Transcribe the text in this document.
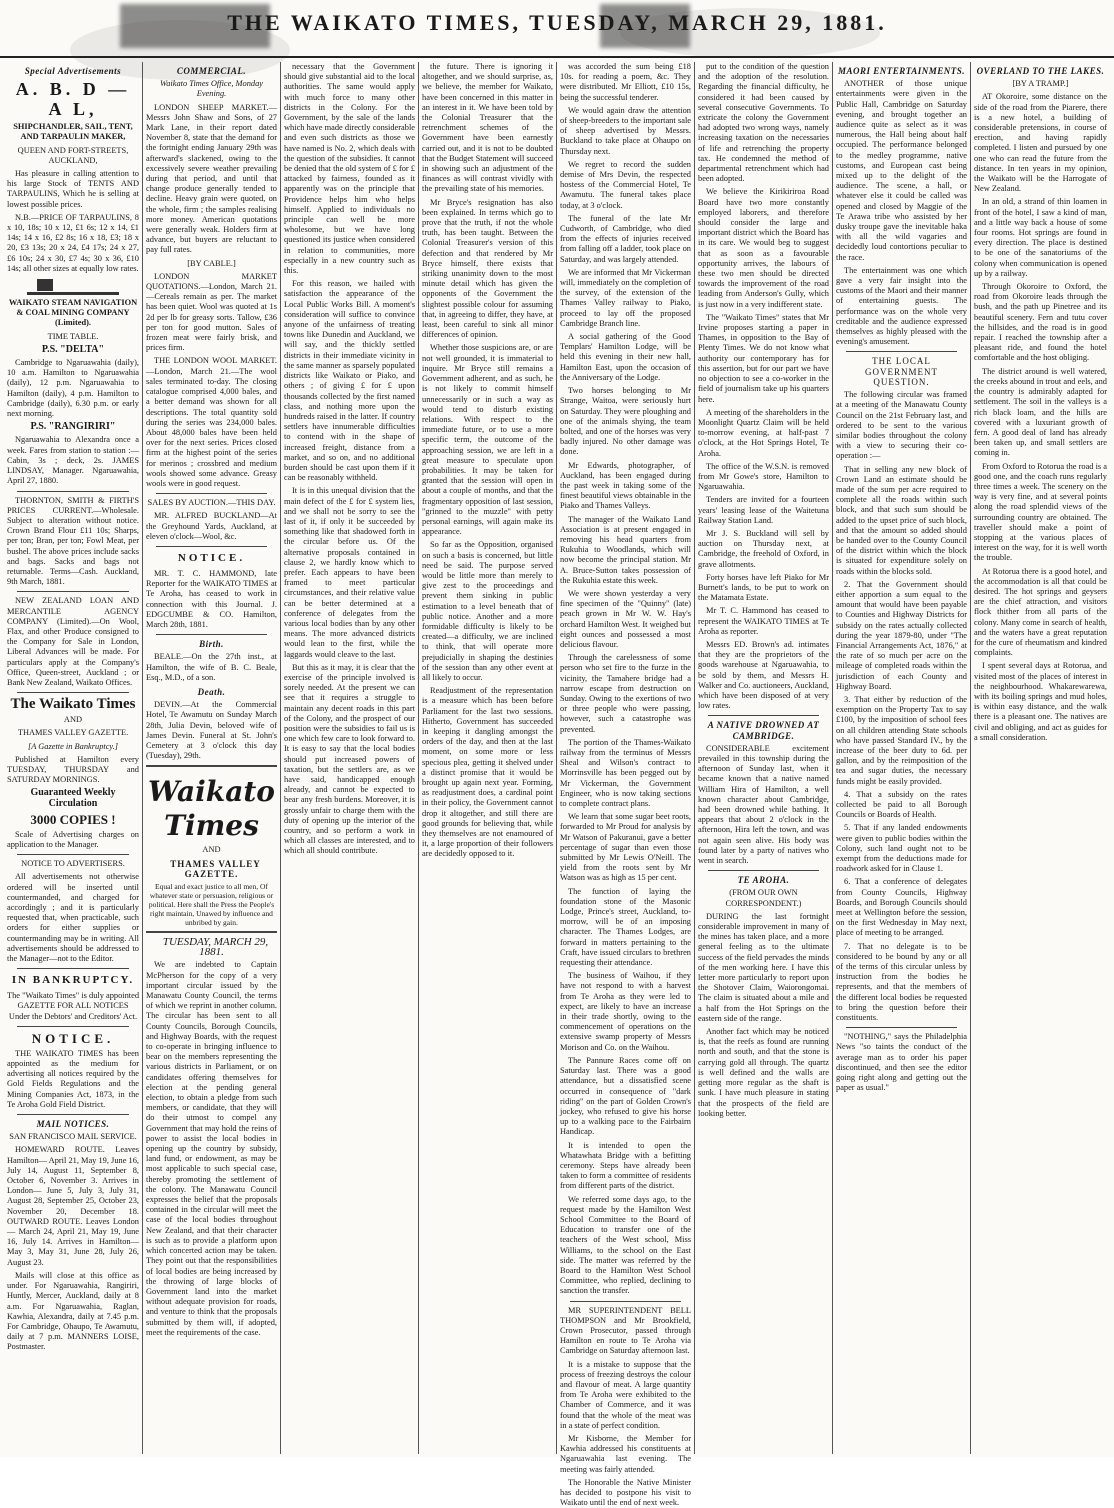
THE WAIKATO TIMES, TUESDAY, MARCH 29, 1881.

Special Advertisements

A. B. D — A L,

SHIPCHANDLER, SAIL, TENT, AND TARPAULIN MAKER,

QUEEN AND FORT-STREETS, AUCKLAND,

Has pleasure in calling attention to his large Stock of TENTS AND TARPAULINS, Which he is selling at lowest possible prices.

N.B.—PRICE OF TARPAULINS, 8 x 10, 18s; 10 x 12, £1 6s; 12 x 14, £1 14s; 14 x 16, £2 8s; 16 x 18, £3; 18 x 20, £3 13s; 20 x 24, £4 17s; 24 x 27, £6 10s; 24 x 30, £7 4s; 30 x 36, £10 14s; all other sizes at equally low rates.

WAIKATO STEAM NAVIGATION & COAL MINING COMPANY (Limited).

TIME TABLE.

P.S. "DELTA"

Cambridge to Ngaruawahia (daily), 10 a.m. Hamilton to Ngaruawahia (daily), 12 p.m. Ngaruawahia to Hamilton (daily), 4 p.m. Hamilton to Cambridge (daily), 6.30 p.m. or early next morning.

P.S. "RANGIRIRI"

Ngaruawahia to Alexandra once a week. Fares from station to station :—Cabin, 3s ; deck, 2s. JAMES LINDSAY, Manager. Ngaruawahia, April 27, 1880.

THORNTON, SMITH & FIRTH'S PRICES CURRENT.—Wholesale. Subject to alteration without notice. Crown Brand Flour £11 10s; Sharps, per ton; Bran, per ton; Fowl Meat, per bushel. The above prices include sacks and bags. Sacks and bags not returnable. Terms—Cash. Auckland, 9th March, 1881.

NEW ZEALAND LOAN AND MERCANTILE AGENCY COMPANY (Limited).—On Wool, Flax, and other Produce consigned to the Company for Sale in London, Liberal Advances will be made. For particulars apply at the Company's Office, Queen-street, Auckland ; or Bank New Zealand, Waikato Offices.

The Waikato Times

AND

THAMES VALLEY GAZETTE.

[A Gazette in Bankruptcy.]

Published at Hamilton every TUESDAY, THURSDAY and SATURDAY MORNINGS.

Guaranteed Weekly Circulation

3000 COPIES !

Scale of Advertising charges on application to the Manager.

NOTICE TO ADVERTISERS.

All advertisements not otherwise ordered will be inserted until countermanded, and charged for accordingly ; and it is particularly requested that, when practicable, such orders for either supplies or countermanding may be in writing. All advertisements should be addressed to the Manager—not to the Editor.

IN BANKRUPTCY.

The "Waikato Times" is duly appointed GAZETTE FOR ALL NOTICES Under the Debtors' and Creditors' Act.

NOTICE.

THE WAIKATO TIMES has been appointed as the medium for advertising all notices required by the Gold Fields Regulations and the Mining Companies Act, 1873, in the Te Aroha Gold Field District.

MAIL NOTICES.

SAN FRANCISCO MAIL SERVICE.

HOMEWARD ROUTE. Leaves Hamilton— April 21, May 19, June 16, July 14, August 11, September 8, October 6, November 3. Arrives in London— June 5, July 3, July 31, August 28, September 25, October 23, November 20, December 18. OUTWARD ROUTE. Leaves London— March 24, April 21, May 19, June 16, July 14. Arrives in Hamilton— May 3, May 31, June 28, July 26, August 23.

Mails will close at this office as under. For Ngaruawahia, Rangiriri, Huntly, Mercer, Auckland, daily at 8 a.m. For Ngaruawahia, Raglan, Kawhia, Alexandra, daily at 7.45 p.m. For Cambridge, Ohaupo, Te Awamutu, daily at 7 p.m. MANNERS LOISE, Postmaster.

COMMERCIAL.

Waikato Times Office, Monday Evening.

LONDON SHEEP MARKET.—Messrs John Shaw and Sons, of 27 Mark Lane, in their report dated November 8, state that the demand for the fortnight ending January 29th was afterward's slackened, owing to the excessively severe weather prevailing during that period, and until that change produce generally tended to decline. Heavy grain were quoted, on the whole, firm ; the samples realising more money. American quotations were generally weak. Holders firm at advance, but buyers are reluctant to pay full rates.

[BY CABLE.]

LONDON MARKET QUOTATIONS.—London, March 21.—Cereals remain as per. The market has been quiet. Wool was quoted at 1s 2d per lb for greasy sorts. Tallow, £36 per ton for good mutton. Sales of frozen meat were fairly brisk, and prices firm.

THE LONDON WOOL MARKET.—London, March 21.—The wool sales terminated to-day. The closing catalogue comprised 4,000 bales, and a better demand was shown for all descriptions. The total quantity sold during the series was 234,000 bales. About 48,000 bales have been held over for the next series. Prices closed firm at the highest point of the series for merinos ; crossbred and medium wools showed some advance. Greasy wools were in good request.

SALES BY AUCTION.—THIS DAY.

MR. ALFRED BUCKLAND—At the Greyhound Yards, Auckland, at eleven o'clock—Wool, &c.

NOTICE.

MR. T. C. HAMMOND, late Reporter for the WAIKATO TIMES at Te Aroha, has ceased to work in connection with this Journal. J. EDGCUMBE & CO. Hamilton, March 28th, 1881.

Birth.

BEALE.—On the 27th inst., at Hamilton, the wife of B. C. Beale, Esq., M.D., of a son.

Death.

DEVIN.—At the Commercial Hotel, Te Awamutu on Sunday March 28th, Julia Devin, beloved wife of James Devin. Funeral at St. John's Cemetery at 3 o'clock this day (Tuesday), 29th.

Waikato Times

AND

THAMES VALLEY GAZETTE.

Equal and exact justice to all men, Of whatever state or persuasion, religious or political. Here shall the Press the People's right maintain, Unawed by influence and unbribed by gain.

TUESDAY, MARCH 29, 1881.

We are indebted to Captain McPherson for the copy of a very important circular issued by the Manawatu County Council, the terms of which we reprint in another column. The circular has been sent to all County Councils, Borough Councils, and Highway Boards, with the request to co-operate in bringing influence to bear on the members representing the various districts in Parliament, or on candidates offering themselves for election at the pending general election, to obtain a pledge from such members, or candidate, that they will do their utmost to compel any Government that may hold the reins of power to assist the local bodies in opening up the country by subsidy, land fund, or endowment, as may be most applicable to such special case, thereby promoting the settlement of the colony. The Manawatu Council expresses the belief that the proposals contained in the circular will meet the case of the local bodies throughout New Zealand, and that their character is such as to provide a platform upon which concerted action may be taken. They point out that the responsibilities of local bodies are being increased by the throwing of large blocks of Government land into the market without adequate provision for roads, and venture to think that the proposals submitted by them will, if adopted, meet the requirements of the case.

necessary that the Government should give substantial aid to the local authorities. The same would apply with much force to many other districts in the Colony. For the Government, by the sale of the lands which have made directly considerable and even such districts as those we have named is No. 2, which deals with the question of the subsidies. It cannot be denied that the old system of £ for £ attacked by fairness, founded as it apparently was on the principle that Providence helps him who helps himself. Applied to individuals no principle can well be more wholesome, but we have long questioned its justice when considered in relation to communities, more especially in a new country such as this.

For this reason, we hailed with satisfaction the appearance of the Local Public Works Bill. A moment's consideration will suffice to convince anyone of the unfairness of treating towns like Dunedin and Auckland, we will say, and the thickly settled districts in their immediate vicinity in the same manner as sparsely populated districts like Waikato or Piako, and others ; of giving £ for £ upon thousands collected by the first named class, and nothing more upon the hundreds raised in the latter. If country settlers have innumerable difficulties to contend with in the shape of increased freight, distance from a market, and so on, and no additional burden should be cast upon them if it can be reasonably withheld.

It is in this unequal division that the main defect of the £ for £ system lies, and we shall not be sorry to see the last of it, if only it be succeeded by something like that shadowed forth in the circular before us. Of the alternative proposals contained in clause 2, we hardly know which to prefer. Each appears to have been framed to meet particular circumstances, and their relative value can be better determined at a conference of delegates from the various local bodies than by any other means. The more advanced districts would lean to the first, while the laggards would cleave to the last.

But this as it may, it is clear that the exercise of the principle involved is sorely needed. At the present we can see that it requires a struggle to maintain any decent roads in this part of the Colony, and the prospect of our position were the subsidies to fail us is one which few care to look forward to. It is easy to say that the local bodies should put increased powers of taxation, but the settlers are, as we have said, handicapped enough already, and cannot be expected to bear any fresh burdens. Moreover, it is grossly unfair to charge them with the duty of opening up the interior of the country, and so perform a work in which all classes are interested, and to which all should contribute.

the future. There is ignoring it altogether, and we should surprise, as, we believe, the member for Waikato, have been concerned in this matter in an interest in it. We have been told by the Colonial Treasurer that the retrenchment schemes of the Government have been earnestly carried out, and it is not to be doubted that the Budget Statement will succeed in showing such an adjustment of the finances as will contrast vividly with the prevailing state of his memories.

Mr Bryce's resignation has also been explained. In terms which go to prove that the truth, if not the whole truth, has been taught. Between the Colonial Treasurer's version of this defection and that rendered by Mr Bryce himself, there exists that striking unanimity down to the most minute detail which has given the opponents of the Government the slightest possible colour for assuming that, in agreeing to differ, they have, at least, been careful to sink all minor differences of opinion.

Whether those suspicions are, or are not well grounded, it is immaterial to inquire. Mr Bryce still remains a Government adherent, and as such, he is not likely to commit himself unnecessarily or in such a way as would tend to disturb existing relations. With respect to the immediate future, or to use a more specific term, the outcome of the approaching session, we are left in a great measure to speculate upon probabilities. It may be taken for granted that the session will open in about a couple of months, and that the fragmentary opposition of last session, "grinned to the muzzle" with petty personal earnings, will again make its appearance.

So far as the Opposition, organised on such a basis is concerned, but little need be said. The purpose served would be little more than merely to give zest to the proceedings and prevent them sinking in public estimation to a level beneath that of public notice. Another and a more formidable difficulty is likely to be created—a difficulty, we are inclined to think, that will operate more prejudicially in shaping the destinies of the session than any other event at all likely to occur.

Readjustment of the representation is a measure which has been before Parliament for the last two sessions. Hitherto, Government has succeeded in keeping it dangling amongst the orders of the day, and then at the last moment, on some more or less specious plea, getting it shelved under a distinct promise that it would be brought up again next year. Forming, as readjustment does, a cardinal point in their policy, the Government cannot drop it altogether, and still there are good grounds for believing that, while they themselves are not enamoured of it, a large proportion of their followers are decidedly opposed to it.

was accorded the sum being £18 10s. for reading a poem, &c. They were distributed. Mr Elliott, £10 15s, being the successful tenderer.

We would again draw the attention of sheep-breeders to the important sale of sheep advertised by Messrs. Buckland to take place at Ohaupo on Thursday next.

We regret to record the sudden demise of Mrs Devin, the respected hostess of the Commercial Hotel, Te Awamutu. The funeral takes place today, at 3 o'clock.

The funeral of the late Mr Cudworth, of Cambridge, who died from the effects of injuries received from falling off a ladder, took place on Saturday, and was largely attended.

We are informed that Mr Vickerman will, immediately on the completion of the survey, of the extension of the Thames Valley railway to Piako, proceed to lay off the proposed Cambridge Branch line.

A social gathering of the Good Templars' Hamilton Lodge, will be held this evening in their new hall, Hamilton East, upon the occasion of the Anniversary of the Lodge.

Two horses belonging to Mr Strange, Waitoa, were seriously hurt on Saturday. They were ploughing and one of the animals shying, the team bolted, and one of the horses was very badly injured. No other damage was done.

Mr Edwards, photographer, of Auckland, has been engaged during the past week in taking some of the finest beautiful views obtainable in the Piako and Thames Valleys.

The manager of the Waikato Land Association is at present engaged in removing his head quarters from Rukuhia to Woodlands, which will now become the principal station. Mr A. Bruce-Sutton takes possession of the Rukuhia estate this week.

We were shown yesterday a very fine specimen of the "Quinny" (late) peach grown in Mr W. W. Hay's orchard Hamilton West. It weighed but eight ounces and possessed a most delicious flavour.

Through the carelessness of some person who set fire to the furze in the vicinity, the Tamahere bridge had a narrow escape from destruction on Sunday. Owing to the exertions of two or three people who were passing, however, such a catastrophe was prevented.

The portion of the Thames-Waikato railway from the terminus of Messrs Sheal and Wilson's contract to Morrinsville has been pegged out by Mr Vickerman, the Government Engineer, who is now taking sections to complete contract plans.

We learn that some sugar beet roots, forwarded to Mr Proud for analysis by Mr Watson of Pakuranui, gave a better percentage of sugar than even those submitted by Mr Lewis O'Neill. The yield from the roots sent by Mr Watson was as high as 15 per cent.

The function of laying the foundation stone of the Masonic Lodge, Prince's street, Auckland, to-morrow, will be of an imposing character. The Thames Lodges, are forward in matters pertaining to the Craft, have issued circulars to brethren requesting their attendance.

The business of Waihou, if they have not respond to with a harvest from Te Aroha as they were led to expect, are likely to have an increase in their trade shortly, owing to the commencement of operations on the extensive swamp property of Messrs Morison and Co. on the Waihou.

The Pannure Races come off on Saturday last. There was a good attendance, but a dissatisfied scene occurred in consequence of "dark riding" on the part of Golden Crown's jockey, who refused to give his horse up to a walking pace to the Fairbairn Handicap.

It is intended to open the Whatawhata Bridge with a befitting ceremony. Steps have already been taken to form a committee of residents from different parts of the district.

We referred some days ago, to the request made by the Hamilton West School Committee to the Board of Education to transfer one of the teachers of the West school, Miss Williams, to the school on the East side. The matter was referred by the Board to the Hamilton West School Committee, who replied, declining to sanction the transfer.

MR SUPERINTENDENT BELL THOMPSON and Mr Brookfield, Crown Prosecutor, passed through Hamilton en route to Te Aroha via Cambridge on Saturday afternoon last.

It is a mistake to suppose that the process of freezing destroys the colour and flavour of meat. A large quantity from Te Aroha were exhibited to the Chamber of Commerce, and it was found that the whole of the meat was in a state of perfect condition.

Mr Kisborne, the Member for Kawhia addressed his constituents at Ngaruawahia last evening. The meeting was fairly attended.

The Honorable the Native Minister has decided to postpone his visit to Waikato until the end of next week.

put to the condition of the question and the adoption of the resolution. Regarding the financial difficulty, he considered it had been caused by several consecutive Governments. To extricate the colony the Government had adopted two wrong ways, namely increasing taxation on the necessaries of life and retrenching the property tax. He condemned the method of departmental retrenchment which had been adopted.

We believe the Kirikiriroa Road Board have two more constantly employed laborers, and therefore should consider the large and important district which the Board has in its care. We would beg to suggest that as soon as a favourable opportunity arrives, the labours of these two men should be directed towards the improvement of the road leading from Anderson's Gully, which is just now in a very indifferent state.

The "Waikato Times" states that Mr Irvine proposes starting a paper in Thames, in opposition to the Bay of Plenty Times. We do not know what authority our contemporary has for this assertion, but for our part we have no objection to see a co-worker in the field of journalism take up his quarters here.

A meeting of the shareholders in the Moonlight Quartz Claim will be held to-morrow evening, at half-past 7 o'clock, at the Hot Springs Hotel, Te Aroha.

The office of the W.S.N. is removed from Mr Gowe's store, Hamilton to Ngaruawahia.

Tenders are invited for a fourteen years' leasing lease of the Waitetuna Railway Station Land.

Mr J. S. Buckland will sell by auction on Thursday next, at Cambridge, the freehold of Oxford, in grave allotments.

Forty horses have left Piako for Mr Burnett's lands, to be put to work on the Matamata Estate.

Mr T. C. Hammond has ceased to represent the WAIKATO TIMES at Te Aroha as reporter.

Messrs ED. Brown's ad. intimates that they are the proprietors of the goods warehouse at Ngaruawahia, to be sold by them, and Messrs H. Walker and Co. auctioneers, Auckland, which have been disposed of at very low rates.

A NATIVE DROWNED AT CAMBRIDGE.

CONSIDERABLE excitement prevailed in this township during the afternoon of Sunday last, when it became known that a native named William Hira of Hamilton, a well known character about Cambridge, had been drowned while bathing. It appears that about 2 o'clock in the afternoon, Hira left the town, and was not again seen alive. His body was found later by a party of natives who went in search.

TE AROHA.

(FROM OUR OWN CORRESPONDENT.)

DURING the last fortnight considerable improvement in many of the mines has taken place, and a more general feeling as to the ultimate success of the field pervades the minds of the men working here. I have this letter more particularly to report upon the Shotover Claim, Waiorongomai. The claim is situated about a mile and a half from the Hot Springs on the eastern side of the range.

Another fact which may be noticed is, that the reefs as found are running north and south, and that the stone is carrying gold all through. The quartz is well defined and the walls are getting more regular as the shaft is sunk. I have much pleasure in stating that the prospects of the field are looking better.

MAORI ENTERTAINMENTS.

ANOTHER of those unique entertainments were given in the Public Hall, Cambridge on Saturday evening, and brought together an audience quite as select as it was numerous, the Hall being about half occupied. The performance belonged to the medley programme, native customs, and European cast being mixed up to the delight of the audience. The scene, a hall, or whatever else it could be called was opened and closed by Maggie of the Te Arawa tribe who assisted by her dusky troupe gave the inevitable haka with all the wild vagaries and decidedly loud contortions peculiar to the race.

The entertainment was one which gave a very fair insight into the customs of the Maori and their manner of entertaining guests. The performance was on the whole very creditable and the audience expressed themselves as highly pleased with the evening's amusement.

THE LOCAL GOVERNMENT QUESTION.

The following circular was framed at a meeting of the Manawatu County Council on the 21st February last, and ordered to be sent to the various similar bodies throughout the colony with a view to securing their co-operation :—

That in selling any new block of Crown Land an estimate should be made of the sum per acre required to complete all the roads within such block, and that such sum should be added to the upset price of such block, and that the amount so added should be handed over to the County Council of the district within which the block is situated for expenditure solely on roads within the blocks sold.

2. That the Government should either apportion a sum equal to the amount that would have been payable to Counties and Highway Districts for subsidy on the rates actually collected during the year 1879-80, under "The Financial Arrangements Act, 1876," at the rate of so much per acre on the mileage of completed roads within the jurisdiction of each County and Highway Board.

3. That either by reduction of the exemption on the Property Tax to say £100, by the imposition of school fees on all children attending State schools who have passed Standard IV., by the increase of the beer duty to 6d. per gallon, and by the reimposition of the tea and sugar duties, the necessary funds might be easily provided.

4. That a subsidy on the rates collected be paid to all Borough Councils or Boards of Health.

5. That if any landed endowments were given to public bodies within the Colony, such land ought not to be exempt from the deductions made for roadwork asked for in Clause 1.

6. That a conference of delegates from County Councils, Highway Boards, and Borough Councils should meet at Wellington before the session, on the first Wednesday in May next, place of meeting to be arranged.

7. That no delegate is to be considered to be bound by any or all of the terms of this circular unless by instruction from the bodies he represents, and that the members of the different local bodies be requested to bring the question before their constituents.

"NOTHING," says the Philadelphia News "so taints the conduct of the average man as to order his paper discontinued, and then see the editor going right along and getting out the paper as usual."

OVERLAND TO THE LAKES.

[BY A TRAMP.]

AT Okoroire, some distance on the side of the road from the Piarere, there is a new hotel, a building of considerable pretensions, in course of erection, and having rapidly completed. I listen and pursued by one one who can read the future from the distance. In ten years in my opinion, the Waikato will be the Harrogate of New Zealand.

In an old, a strand of thin loamen in front of the hotel, I saw a kind of man, and a little way back a house of some four rooms. Hot springs are found in every direction. The place is destined to be one of the sanatoriums of the colony when communication is opened up by a railway.

Through Okoroire to Oxford, the road from Okoroire leads through the bush, and the path up Pinetree and its beautiful scenery. Fern and tutu cover the hillsides, and the road is in good repair. I reached the township after a pleasant ride, and found the hotel comfortable and the host obliging.

The district around is well watered, the creeks abound in trout and eels, and the country is admirably adapted for settlement. The soil in the valleys is a rich black loam, and the hills are covered with a luxuriant growth of fern. A good deal of land has already been taken up, and small settlers are coming in.

From Oxford to Rotorua the road is a good one, and the coach runs regularly three times a week. The scenery on the way is very fine, and at several points along the road splendid views of the surrounding country are obtained. The traveller should make a point of stopping at the various places of interest on the way, for it is well worth the trouble.

At Rotorua there is a good hotel, and the accommodation is all that could be desired. The hot springs and geysers are the chief attraction, and visitors flock thither from all parts of the colony. Many come in search of health, and the waters have a great reputation for the cure of rheumatism and kindred complaints.

I spent several days at Rotorua, and visited most of the places of interest in the neighbourhood. Whakarewarewa, with its boiling springs and mud holes, is within easy distance, and the walk there is a pleasant one. The natives are civil and obliging, and act as guides for a small consideration.
